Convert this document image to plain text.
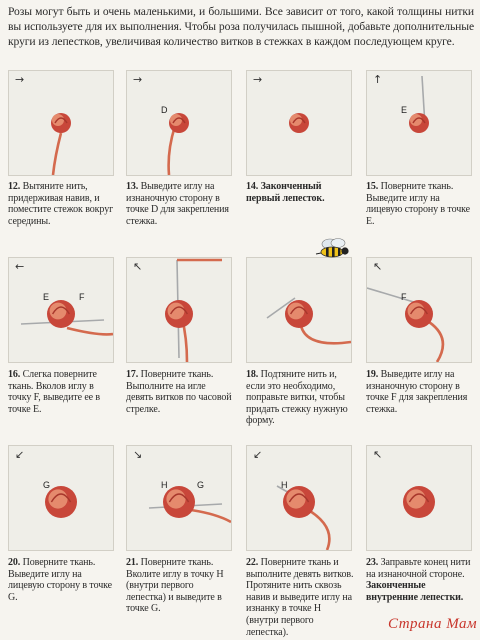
Розы могут быть и очень маленькими, и большими. Все зависит от того, какой толщины нитки вы используете для их выполнения. Чтобы роза получилась пышной, добавьте дополнительные круги из лепестков, увеличивая количество витков в стежках в каждом последующем круге.
→
12. Вытяните нить, придерживая навив, и поместите стежок вокруг середины.
→
D
13. Выведите иглу на изнаночную сторону в точке D для закрепления стежка.
→
14. Законченный первый лепесток.
↑
E
15. Поверните ткань. Выведите иглу на лицевую сторону в точке E.
←
E	F
16. Слегка поверните ткань. Вколов иглу в точку F, выведите ее в точке E.
↖
17. Поверните ткань. Выполните на игле девять витков по часовой стрелке.
18. Подтяните нить и, если это необходимо, поправьте витки, чтобы придать стежку нужную форму.
↖
F
19. Выведите иглу на изнаночную сторону в точке F для закрепления стежка.
↙
G
20. Поверните ткань. Выведите иглу на лицевую сторону в точке G.
↘
H	G
21. Поверните ткань. Вколите иглу в точку H (внутри первого лепестка) и выведите в точке G.
↙
H
22. Поверните ткань и выполните девять витков. Протяните нить сквозь навив и выведите иглу на изнанку в точке H (внутри первого лепестка).
↖
23. Заправьте конец нити на изнаночной стороне. Законченные внутренние лепестки.
Страна Мам
